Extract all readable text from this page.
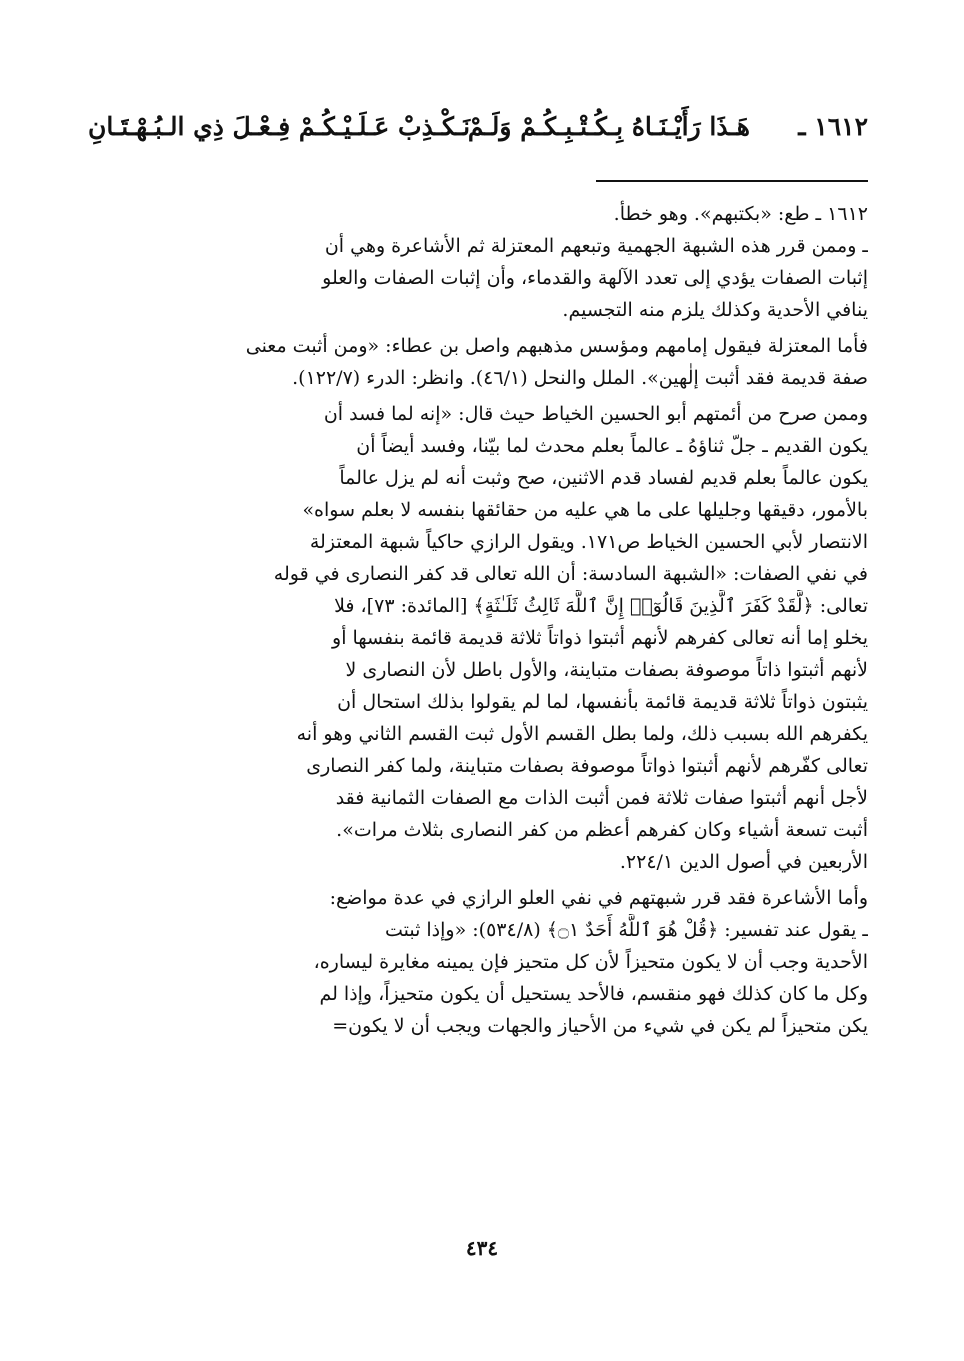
١٦١٢ ـ
هَـذَا رَأَيْـنَـاهُ بِـكُـتْـبِـكُـمْ وَلَـمْ
نَـكْـذِبْ عَـلَـيْـكُـمْ فِـعْـلَ ذِي الـبُـهْـتَـانِ

١٦١٢ ـ طع: «بكتبهم». وهو خطأ.

ـ وممن قرر هذه الشبهة الجهمية وتبعهم المعتزلة ثم الأشاعرة وهي أن
إثبات الصفات يؤدي إلى تعدد الآلهة والقدماء، وأن إثبات الصفات والعلو
ينافي الأحدية وكذلك يلزم منه التجسيم.

فأما المعتزلة فيقول إمامهم ومؤسس مذهبهم واصل بن عطاء: «ومن أثبت معنى
صفة قديمة فقد أثبت إلٰهين». الملل والنحل (٤٦/١). وانظر: الدرء (١٢٢/٧).

وممن صرح من أئمتهم أبو الحسين الخياط حيث قال: «إنه لما فسد أن
يكون القديم ـ جلّ ثناؤهُ ـ عالماً بعلم محدث لما بيّنا، وفسد أيضاً أن
يكون عالماً بعلم قديم لفساد قدم الاثنين، صح وثبت أنه لم يزل عالماً
بالأمور، دقيقها وجليلها على ما هي عليه من حقائقها بنفسه لا بعلم سواه»
الانتصار لأبي الحسين الخياط ص١٧١. ويقول الرازي حاكياً شبهة المعتزلة
في نفي الصفات: «الشبهة السادسة: أن الله تعالى قد كفر النصارى في قوله
تعالى: ﴿لَّقَدْ كَفَرَ ٱلَّذِينَ قَالُوٓا۟ إِنَّ ٱللَّهَ ثَالِثُ ثَلَـٰثَةٍ﴾ [المائدة: ٧٣]، فلا
يخلو إما أنه تعالى كفرهم لأنهم أثبتوا ذواتاً ثلاثة قديمة قائمة بنفسها أو
لأنهم أثبتوا ذاتاً موصوفة بصفات متباينة، والأول باطل لأن النصارى لا
يثبتون ذواتاً ثلاثة قديمة قائمة بأنفسها، لما لم يقولوا بذلك استحال أن
يكفرهم الله بسبب ذلك، ولما بطل القسم الأول ثبت القسم الثاني وهو أنه
تعالى كفّرهم لأنهم أثبتوا ذواتاً موصوفة بصفات متباينة، ولما كفر النصارى
لأجل أنهم أثبتوا صفات ثلاثة فمن أثبت الذات مع الصفات الثمانية فقد
أثبت تسعة أشياء وكان كفرهم أعظم من كفر النصارى بثلاث مرات».
الأربعين في أصول الدين ٢٢٤/١.

وأما الأشاعرة فقد قرر شبهتهم في نفي العلو الرازي في عدة مواضع:
ـ يقول عند تفسير: ﴿قُلْ هُوَ ٱللَّهُ أَحَدٌ ۝١﴾ (٥٣٤/٨): «وإذا ثبتت
الأحدية وجب أن لا يكون متحيزاً لأن كل متحيز فإن يمينه مغايرة ليساره،
وكل ما كان كذلك فهو منقسم، فالأحد يستحيل أن يكون متحيزاً، وإذا لم
يكن متحيزاً لم يكن في شيء من الأحياز والجهات ويجب أن لا يكون=

٤٣٤
